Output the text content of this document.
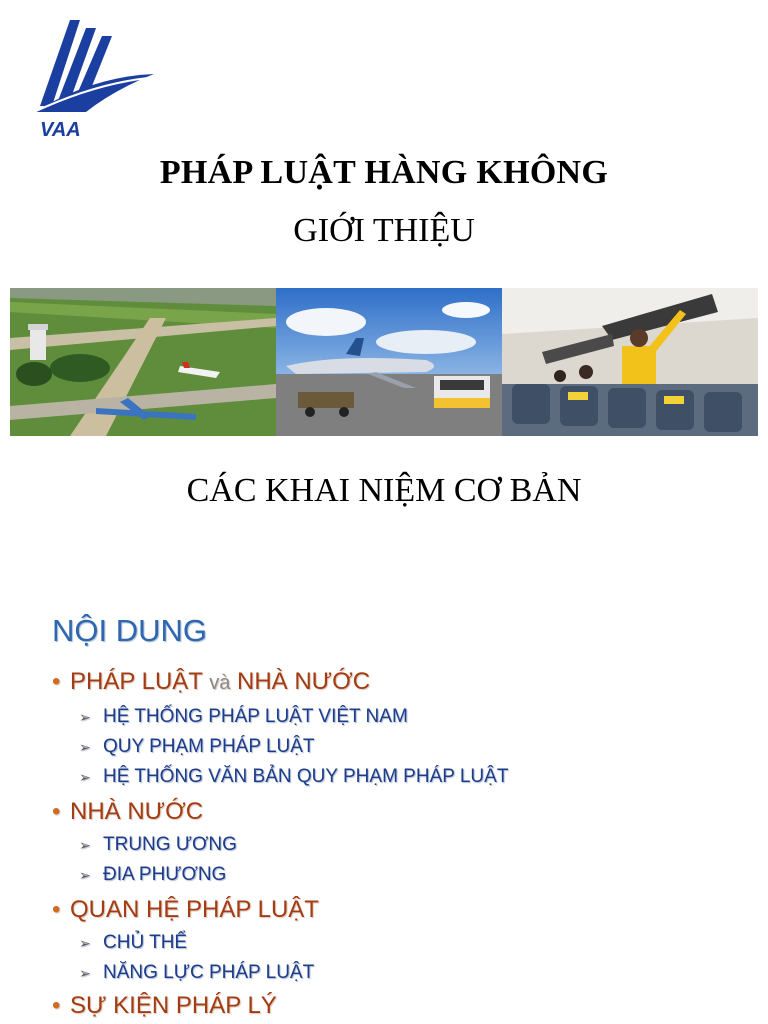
VAA
PHÁP LUẬT HÀNG KHÔNG
GIỚI THIỆU
CÁC KHAI NIỆM CƠ BẢN
NỘI DUNG
• PHÁP LUẬT và NHÀ NƯỚC
➢ HỆ THỐNG PHÁP LUẬT VIỆT NAM
➢ QUY PHẠM PHÁP LUẬT
➢ HỆ THỐNG VĂN BẢN QUY PHẠM PHÁP LUẬT
• NHÀ NƯỚC
➢ TRUNG ƯƠNG
➢ ĐIA PHƯƠNG
• QUAN HỆ PHÁP LUẬT
➢ CHỦ THỂ
➢ NĂNG LỰC PHÁP LUẬT
• SỰ KIỆN PHÁP LÝ
